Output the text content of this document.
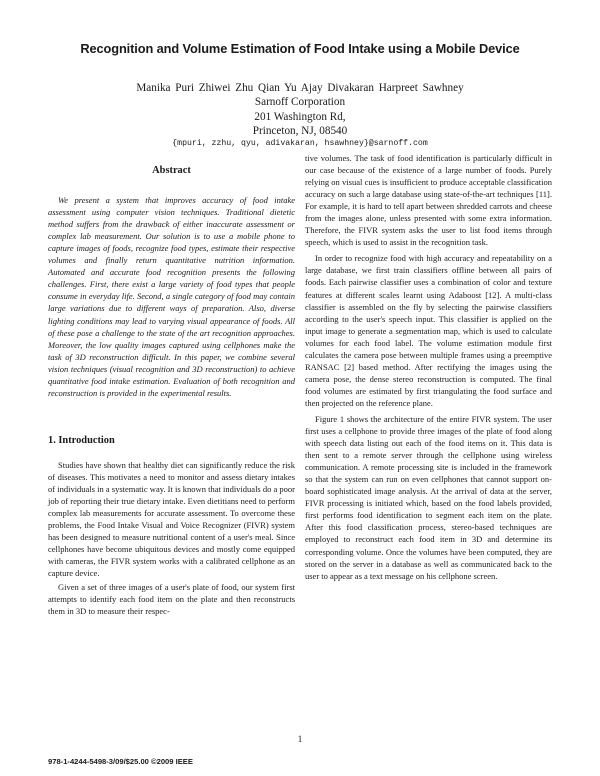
Recognition and Volume Estimation of Food Intake using a Mobile Device
Manika Puri Zhiwei Zhu Qian Yu Ajay Divakaran Harpreet Sawhney
Sarnoff Corporation
201 Washington Rd,
Princeton, NJ, 08540
{mpuri, zzhu, qyu, adivakaran, hsawhney}@sarnoff.com
Abstract

We present a system that improves accuracy of food intake assessment using computer vision techniques. Traditional dietetic method suffers from the drawback of either inaccurate assessment or complex lab measurement. Our solution is to use a mobile phone to capture images of foods, recognize food types, estimate their respective volumes and finally return quantitative nutrition information. Automated and accurate food recognition presents the following challenges. First, there exist a large variety of food types that people consume in everyday life. Second, a single category of food may contain large variations due to different ways of preparation. Also, diverse lighting conditions may lead to varying visual appearance of foods. All of these pose a challenge to the state of the art recognition approaches. Moreover, the low quality images captured using cellphones make the task of 3D reconstruction difficult. In this paper, we combine several vision techniques (visual recognition and 3D reconstruction) to achieve quantitative food intake estimation. Evaluation of both recognition and reconstruction is provided in the experimental results.

1. Introduction

Studies have shown that healthy diet can significantly reduce the risk of diseases. This motivates a need to monitor and assess dietary intakes of individuals in a systematic way. It is known that individuals do a poor job of reporting their true dietary intake. Even dietitians need to perform complex lab measurements for accurate assessment. To overcome these problems, the Food Intake Visual and Voice Recognizer (FIVR) system has been designed to measure nutritional content of a user's meal. Since cellphones have become ubiquitous devices and mostly come equipped with cameras, the FIVR system works with a calibrated cellphone as an capture device.

Given a set of three images of a user's plate of food, our system first attempts to identify each food item on the plate and then reconstructs them in 3D to measure their respec-

tive volumes. The task of food identification is particularly difficult in our case because of the existence of a large number of foods. Purely relying on visual cues is insufficient to produce acceptable classification accuracy on such a large database using state-of-the-art techniques [11]. For example, it is hard to tell apart between shredded carrots and cheese from the images alone, unless presented with some extra information. Therefore, the FIVR system asks the user to list food items through speech, which is used to assist in the recognition task.

In order to recognize food with high accuracy and repeatability on a large database, we first train classifiers offline between all pairs of foods. Each pairwise classifier uses a combination of color and texture features at different scales learnt using Adaboost [12]. A multi-class classifier is assembled on the fly by selecting the pairwise classifiers according to the user's speech input. This classifier is applied on the input image to generate a segmentation map, which is used to calculate volumes for each food label. The volume estimation module first calculates the camera pose between multiple frames using a preemptive RANSAC [2] based method. After rectifying the images using the camera pose, the dense stereo reconstruction is computed. The final food volumes are estimated by first triangulating the food surface and then projected on the reference plane.

Figure 1 shows the architecture of the entire FIVR system. The user first uses a cellphone to provide three images of the plate of food along with speech data listing out each of the food items on it. This data is then sent to a remote server through the cellphone using wireless communication. A remote processing site is included in the framework so that the system can run on even cellphones that cannot support on-board sophisticated image analysis. At the arrival of data at the server, FIVR processing is initiated which, based on the food labels provided, first performs food identification to segment each item on the plate. After this food classification process, stereo-based techniques are employed to reconstruct each food item in 3D and determine its corresponding volume. Once the volumes have been computed, they are stored on the server in a database as well as communicated back to the user to appear as a text message on his cellphone screen.

1
978-1-4244-5498-3/09/$25.00 ©2009 IEEE
